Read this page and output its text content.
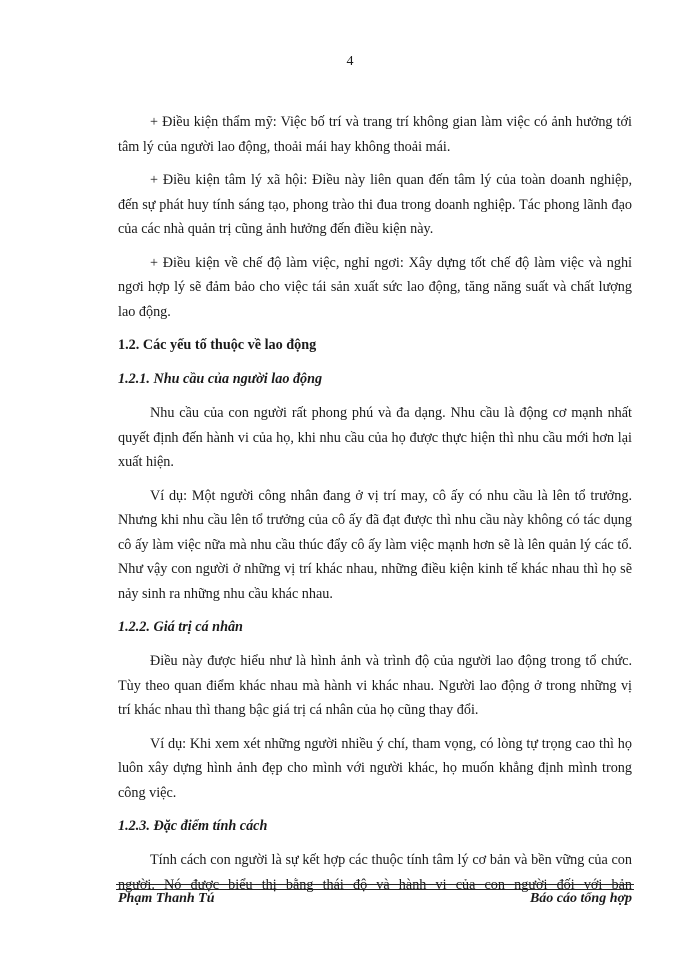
4

+ Điều kiện thẩm mỹ: Việc bố trí và trang trí không gian làm việc có ảnh hưởng tới tâm lý của người lao động, thoải mái hay không thoải mái.

+ Điều kiện tâm lý xã hội: Điều này liên quan đến tâm lý của toàn doanh nghiệp, đến sự phát huy tính sáng tạo, phong trào thi đua trong doanh nghiệp. Tác phong lãnh đạo của các nhà quản trị cũng ảnh hưởng đến điều kiện này.

+ Điều kiện về chế độ làm việc, nghỉ ngơi: Xây dựng tốt chế độ làm việc và nghỉ ngơi hợp lý sẽ đảm bảo cho việc tái sản xuất sức lao động, tăng năng suất và chất lượng lao động.

1.2. Các yếu tố thuộc về lao động
1.2.1. Nhu cầu của người lao động

Nhu cầu của con người rất phong phú và đa dạng. Nhu cầu là động cơ mạnh nhất quyết định đến hành vi của họ, khi nhu cầu của họ được thực hiện thì nhu cầu mới hơn lại xuất hiện.

Ví dụ: Một người công nhân đang ở vị trí may, cô ấy có nhu cầu là lên tổ trưởng. Nhưng khi nhu cầu lên tổ trưởng của cô ấy đã đạt được thì nhu cầu này không có tác dụng cô ấy làm việc nữa mà nhu cầu thúc đẩy cô ấy làm việc mạnh hơn sẽ là lên quản lý các tổ. Như vậy con người ở những vị trí khác nhau, những điều kiện kinh tế khác nhau thì họ sẽ nảy sinh ra những nhu cầu khác nhau.

1.2.2. Giá trị cá nhân

Điều này được hiểu như là hình ảnh và trình độ của người lao động trong tổ chức. Tùy theo quan điểm khác nhau mà hành vi khác nhau. Người lao động ở trong những vị trí khác nhau thì thang bậc giá trị cá nhân của họ cũng thay đổi.

Ví dụ: Khi xem xét những người nhiều ý chí, tham vọng, có lòng tự trọng cao thì họ luôn xây dựng hình ảnh đẹp cho mình với người khác, họ muốn khẳng định mình trong công việc.

1.2.3. Đặc điểm tính cách

Tính cách con người là sự kết hợp các thuộc tính tâm lý cơ bản và bền vững của con người. Nó được biểu thị bằng thái độ và hành vi của con người đối với bản

Phạm Thanh Tú	Báo cáo tổng hợp
